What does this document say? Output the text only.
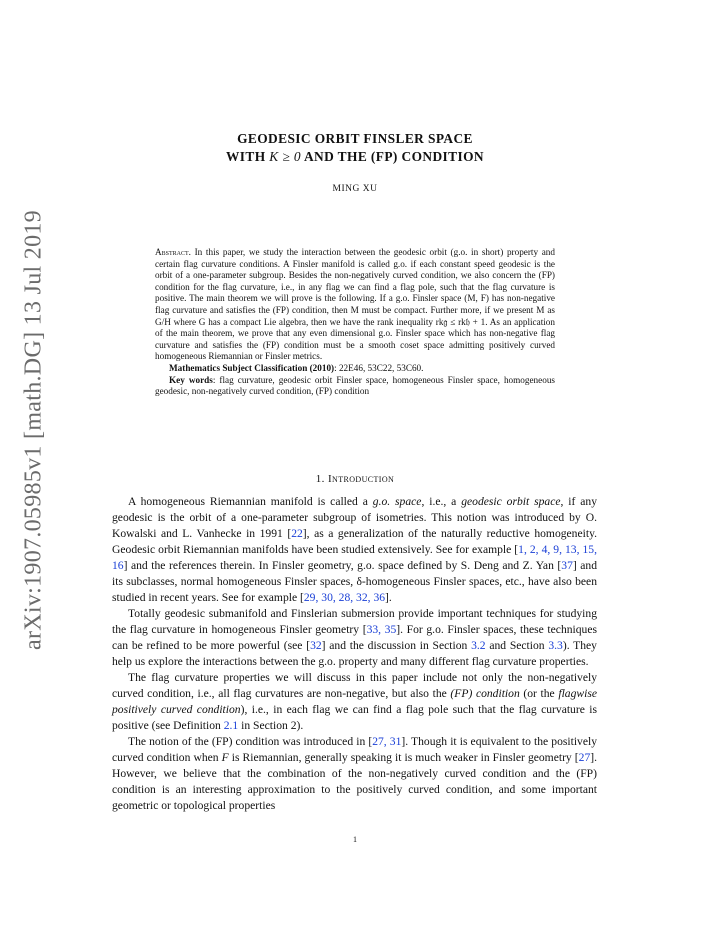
arXiv:1907.05985v1 [math.DG] 13 Jul 2019
GEODESIC ORBIT FINSLER SPACE
WITH K ≥ 0 AND THE (FP) CONDITION
MING XU

Abstract. In this paper, we study the interaction between the geodesic orbit (g.o. in short) property and certain flag curvature conditions. A Finsler manifold is called g.o. if each constant speed geodesic is the orbit of a one-parameter subgroup. Besides the non-negatively curved condition, we also concern the (FP) condition for the flag curvature, i.e., in any flag we can find a flag pole, such that the flag curvature is positive. The main theorem we will prove is the following. If a g.o. Finsler space (M, F) has non-negative flag curvature and satisfies the (FP) condition, then M must be compact. Further more, if we present M as G/H where G has a compact Lie algebra, then we have the rank inequality rk𝔤 ≤ rk𝔥 + 1. As an application of the main theorem, we prove that any even dimensional g.o. Finsler space which has non-negative flag curvature and satisfies the (FP) condition must be a smooth coset space admitting positively curved homogeneous Riemannian or Finsler metrics.

Mathematics Subject Classification (2010): 22E46, 53C22, 53C60.

Key words: flag curvature, geodesic orbit Finsler space, homogeneous Finsler space, homogeneous geodesic, non-negatively curved condition, (FP) condition

1. Introduction

A homogeneous Riemannian manifold is called a g.o. space, i.e., a geodesic orbit space, if any geodesic is the orbit of a one-parameter subgroup of isometries. This notion was introduced by O. Kowalski and L. Vanhecke in 1991 [22], as a generalization of the naturally reductive homogeneity. Geodesic orbit Riemannian manifolds have been studied extensively. See for example [1, 2, 4, 9, 13, 15, 16] and the references therein. In Finsler geometry, g.o. space defined by S. Deng and Z. Yan [37] and its subclasses, normal homogeneous Finsler spaces, δ-homogeneous Finsler spaces, etc., have also been studied in recent years. See for example [29, 30, 28, 32, 36].

Totally geodesic submanifold and Finslerian submersion provide important techniques for studying the flag curvature in homogeneous Finsler geometry [33, 35]. For g.o. Finsler spaces, these techniques can be refined to be more powerful (see [32] and the discussion in Section 3.2 and Section 3.3). They help us explore the interactions between the g.o. property and many different flag curvature properties.

The flag curvature properties we will discuss in this paper include not only the non-negatively curved condition, i.e., all flag curvatures are non-negative, but also the (FP) condition (or the flagwise positively curved condition), i.e., in each flag we can find a flag pole such that the flag curvature is positive (see Definition 2.1 in Section 2).

The notion of the (FP) condition was introduced in [27, 31]. Though it is equivalent to the positively curved condition when F is Riemannian, generally speaking it is much weaker in Finsler geometry [27]. However, we believe that the combination of the non-negatively curved condition and the (FP) condition is an interesting approximation to the positively curved condition, and some important geometric or topological properties

1
